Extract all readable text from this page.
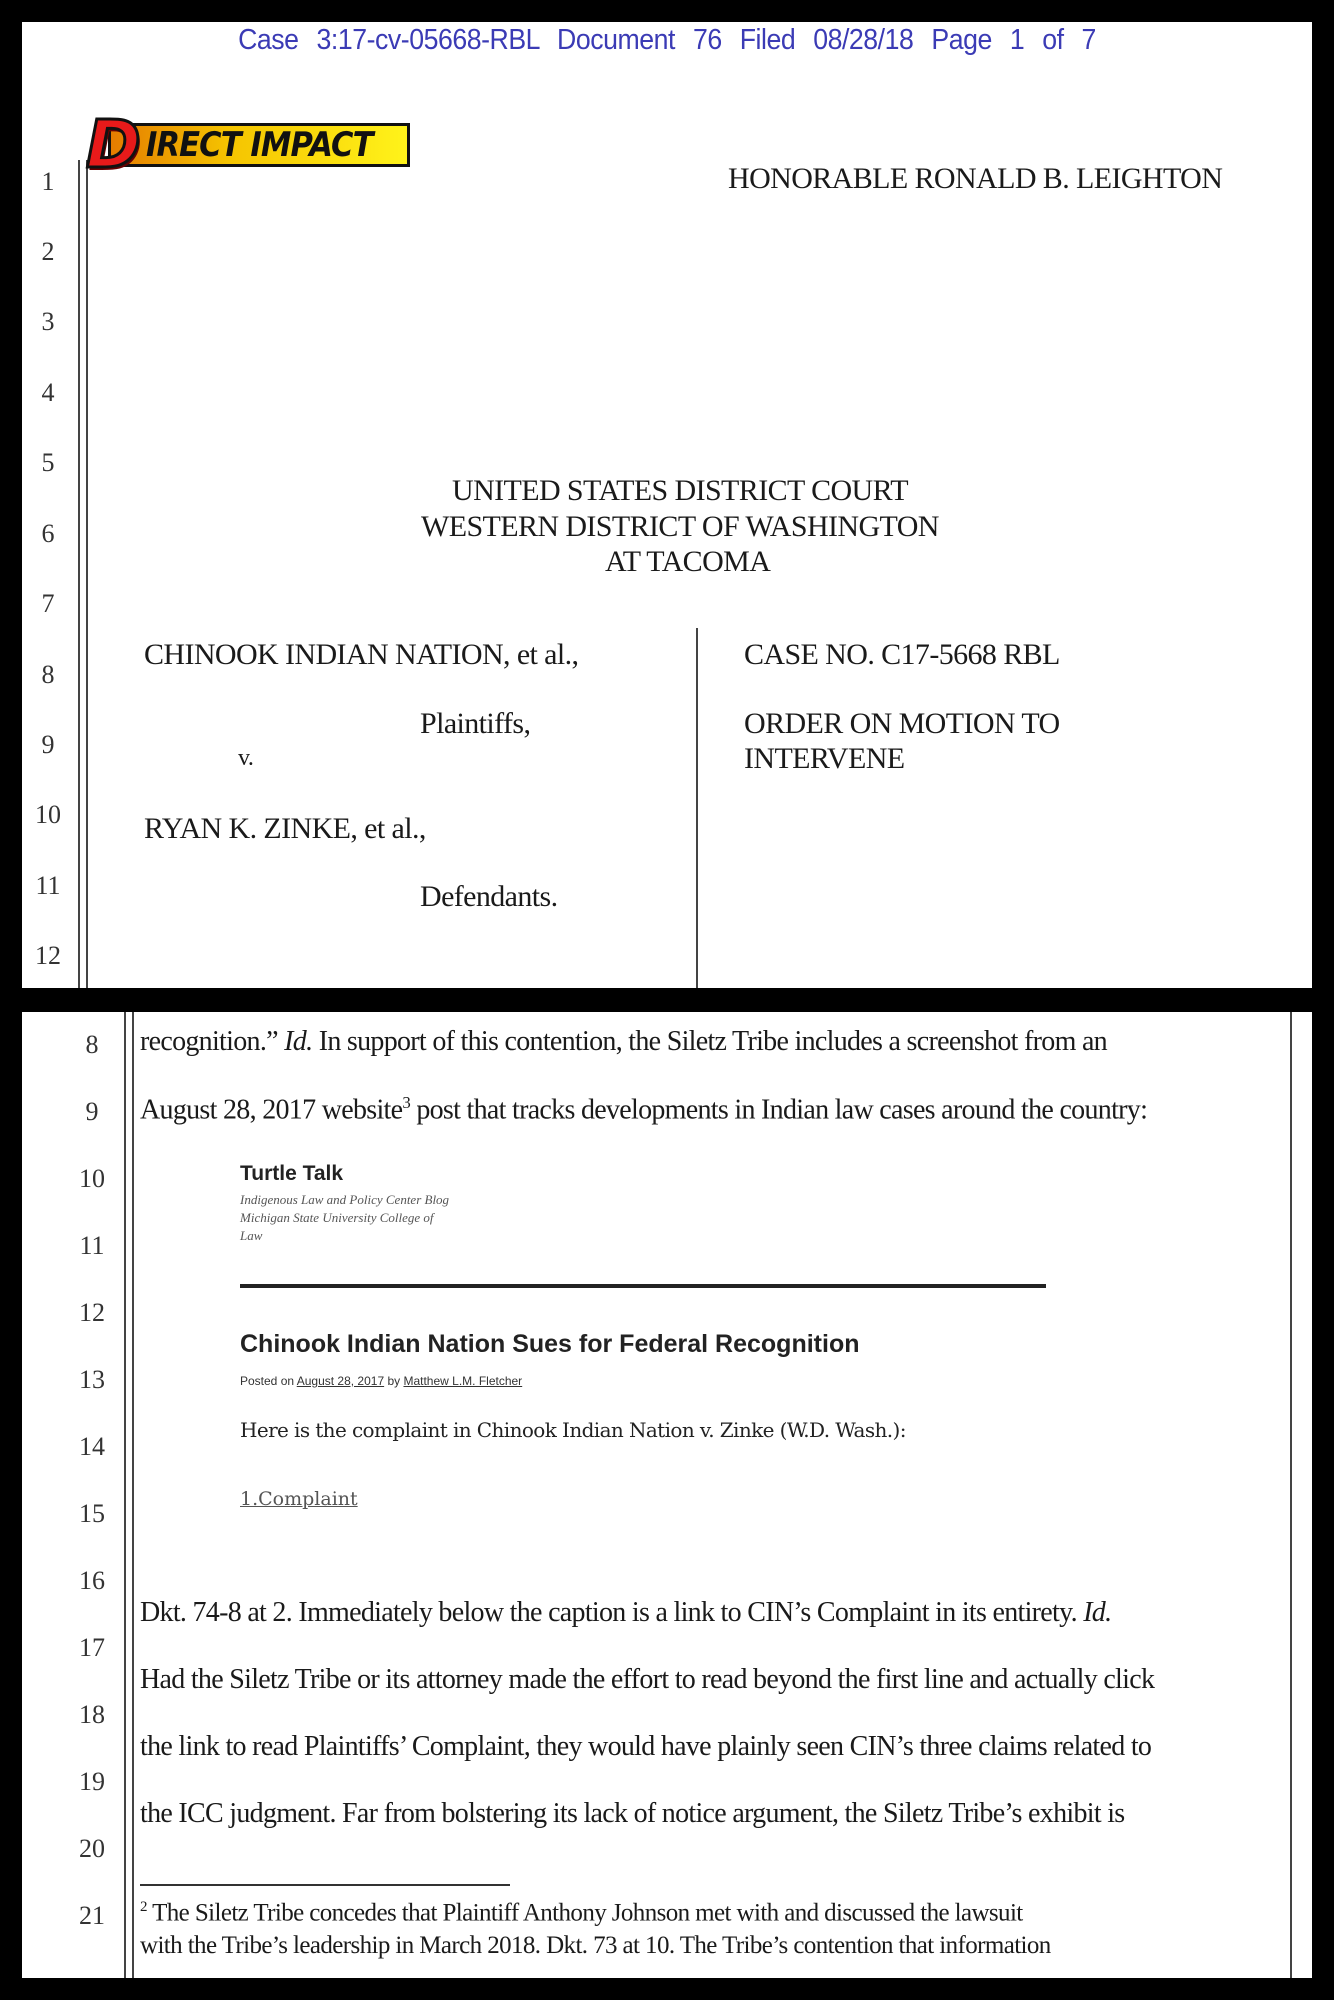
Case 3:17-cv-05668-RBL Document 76 Filed 08/28/18 Page 1 of 7
1
2
3
4
5
6
7
8
9
10
11
12
D IRECT IMPACT
HONORABLE RONALD B. LEIGHTON
UNITED STATES DISTRICT COURT
WESTERN DISTRICT OF WASHINGTON
AT TACOMA
CHINOOK INDIAN NATION, et al.,
Plaintiffs,
v.
RYAN K. ZINKE, et al.,
Defendants.
CASE NO. C17-5668 RBL
ORDER ON MOTION TO
INTERVENE
8
9
10
11
12
13
14
15
16
17
18
19
20
21
recognition.” Id. In support of this contention, the Siletz Tribe includes a screenshot from an
August 28, 2017 website$^3$ post that tracks developments in Indian law cases around the country:
Turtle Talk
Indigenous Law and Policy Center Blog
Michigan State University College of
Law
Chinook Indian Nation Sues for Federal Recognition
Posted on August 28, 2017 by Matthew L.M. Fletcher
Here is the complaint in Chinook Indian Nation v. Zinke (W.D. Wash.):
1.Complaint
Dkt. 74-8 at 2. Immediately below the caption is a link to CIN’s Complaint in its entirety. Id.
Had the Siletz Tribe or its attorney made the effort to read beyond the first line and actually click
the link to read Plaintiffs’ Complaint, they would have plainly seen CIN’s three claims related to
the ICC judgment. Far from bolstering its lack of notice argument, the Siletz Tribe’s exhibit is
$^2$ The Siletz Tribe concedes that Plaintiff Anthony Johnson met with and discussed the lawsuit
with the Tribe’s leadership in March 2018. Dkt. 73 at 10. The Tribe’s contention that information
